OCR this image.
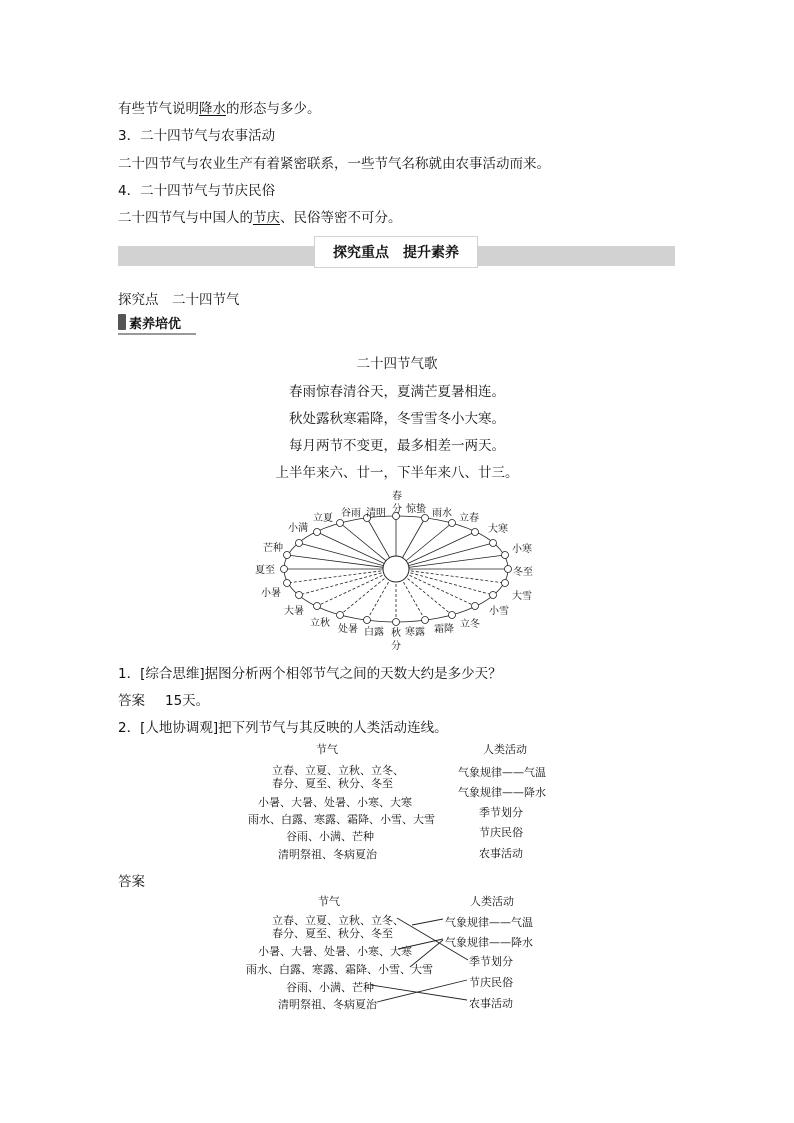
有些节气说明降水的形态与多少。
3．二十四节气与农事活动
二十四节气与农业生产有着紧密联系，一些节气名称就由农事活动而来。
4．二十四节气与节庆民俗
二十四节气与中国人的节庆、民俗等密不可分。
探究重点　提升素养
探究点　二十四节气
素养培优
二十四节气歌
春雨惊春清谷天，夏满芒夏暑相连。
秋处露秋寒霜降，冬雪雪冬小大寒。
每月两节不变更，最多相差一两天。
上半年来六、廿一，下半年来八、廿三。
春
分 惊蛰 雨水 立春
大寒
小寒
冬至
大雪
小雪
立冬
霜降
寒露
秋
分
白露
处暑
立秋
大暑
小暑
夏至
芒种
小满
立夏 谷雨 清明
1．[综合思维]据图分析两个相邻节气之间的天数大约是多少天？
答案 15天。
2．[人地协调观]把下列节气与其反映的人类活动连线。
节气	人类活动
立春、立夏、立秋、立冬、
春分、夏至、秋分、冬至
小暑、大暑、处暑、小寒、大寒
雨水、白露、寒露、霜降、小雪、大雪
谷雨、小满、芒种
清明祭祖、冬病夏治
气象规律——气温
气象规律——降水
季节划分
节庆民俗
农事活动
答案
节气	人类活动
立春、立夏、立秋、立冬、
春分、夏至、秋分、冬至
小暑、大暑、处暑、小寒、大寒
雨水、白露、寒露、霜降、小雪、大雪
谷雨、小满、芒种
清明祭祖、冬病夏治
气象规律——气温
气象规律——降水
季节划分
节庆民俗
农事活动
